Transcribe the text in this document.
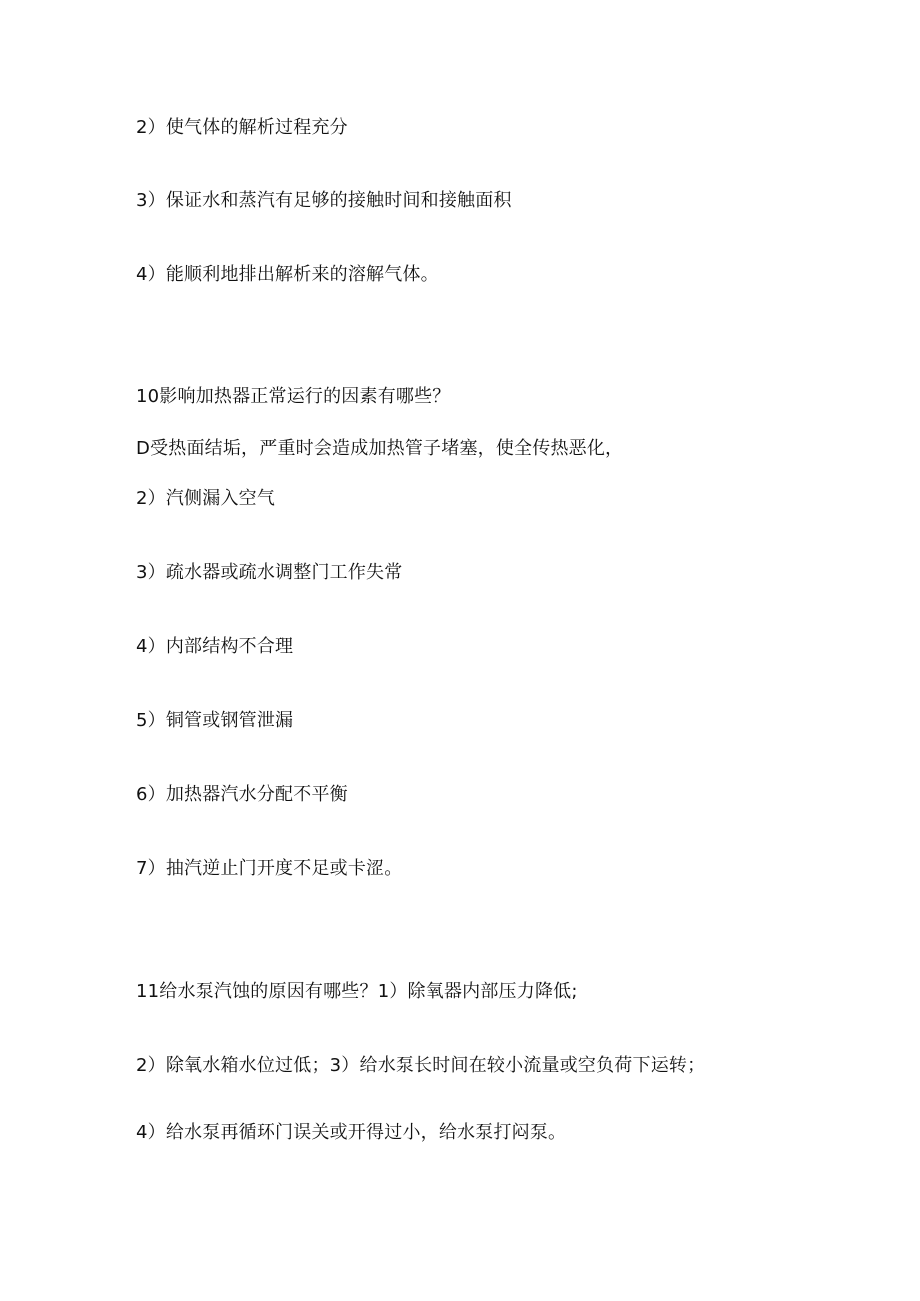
2）使气体的解析过程充分
3）保证水和蒸汽有足够的接触时间和接触面积
4）能顺利地排出解析来的溶解气体。
10影响加热器正常运行的因素有哪些？
D受热面结垢，严重时会造成加热管子堵塞，使全传热恶化，
2）汽侧漏入空气
3）疏水器或疏水调整门工作失常
4）内部结构不合理
5）铜管或钢管泄漏
6）加热器汽水分配不平衡
7）抽汽逆止门开度不足或卡涩。
11给水泵汽蚀的原因有哪些？1）除氧器内部压力降低;
2）除氧水箱水位过低；3）给水泵长时间在较小流量或空负荷下运转；
4）给水泵再循环门误关或开得过小，给水泵打闷泵。
